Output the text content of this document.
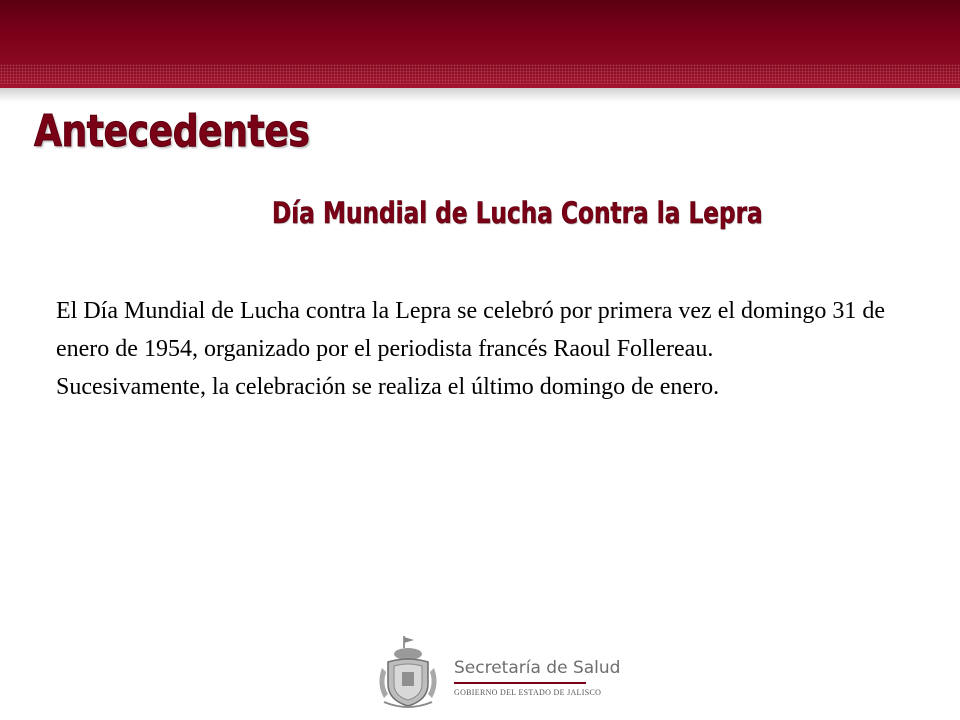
Antecedentes
Día Mundial de Lucha Contra la Lepra

El Día Mundial de Lucha contra la Lepra se celebró por primera vez el domingo 31 de enero de 1954, organizado por el periodista francés Raoul Follereau.

Sucesivamente, la celebración se realiza el último domingo de enero.

Secretaría de Salud
GOBIERNO DEL ESTADO DE JALISCO
